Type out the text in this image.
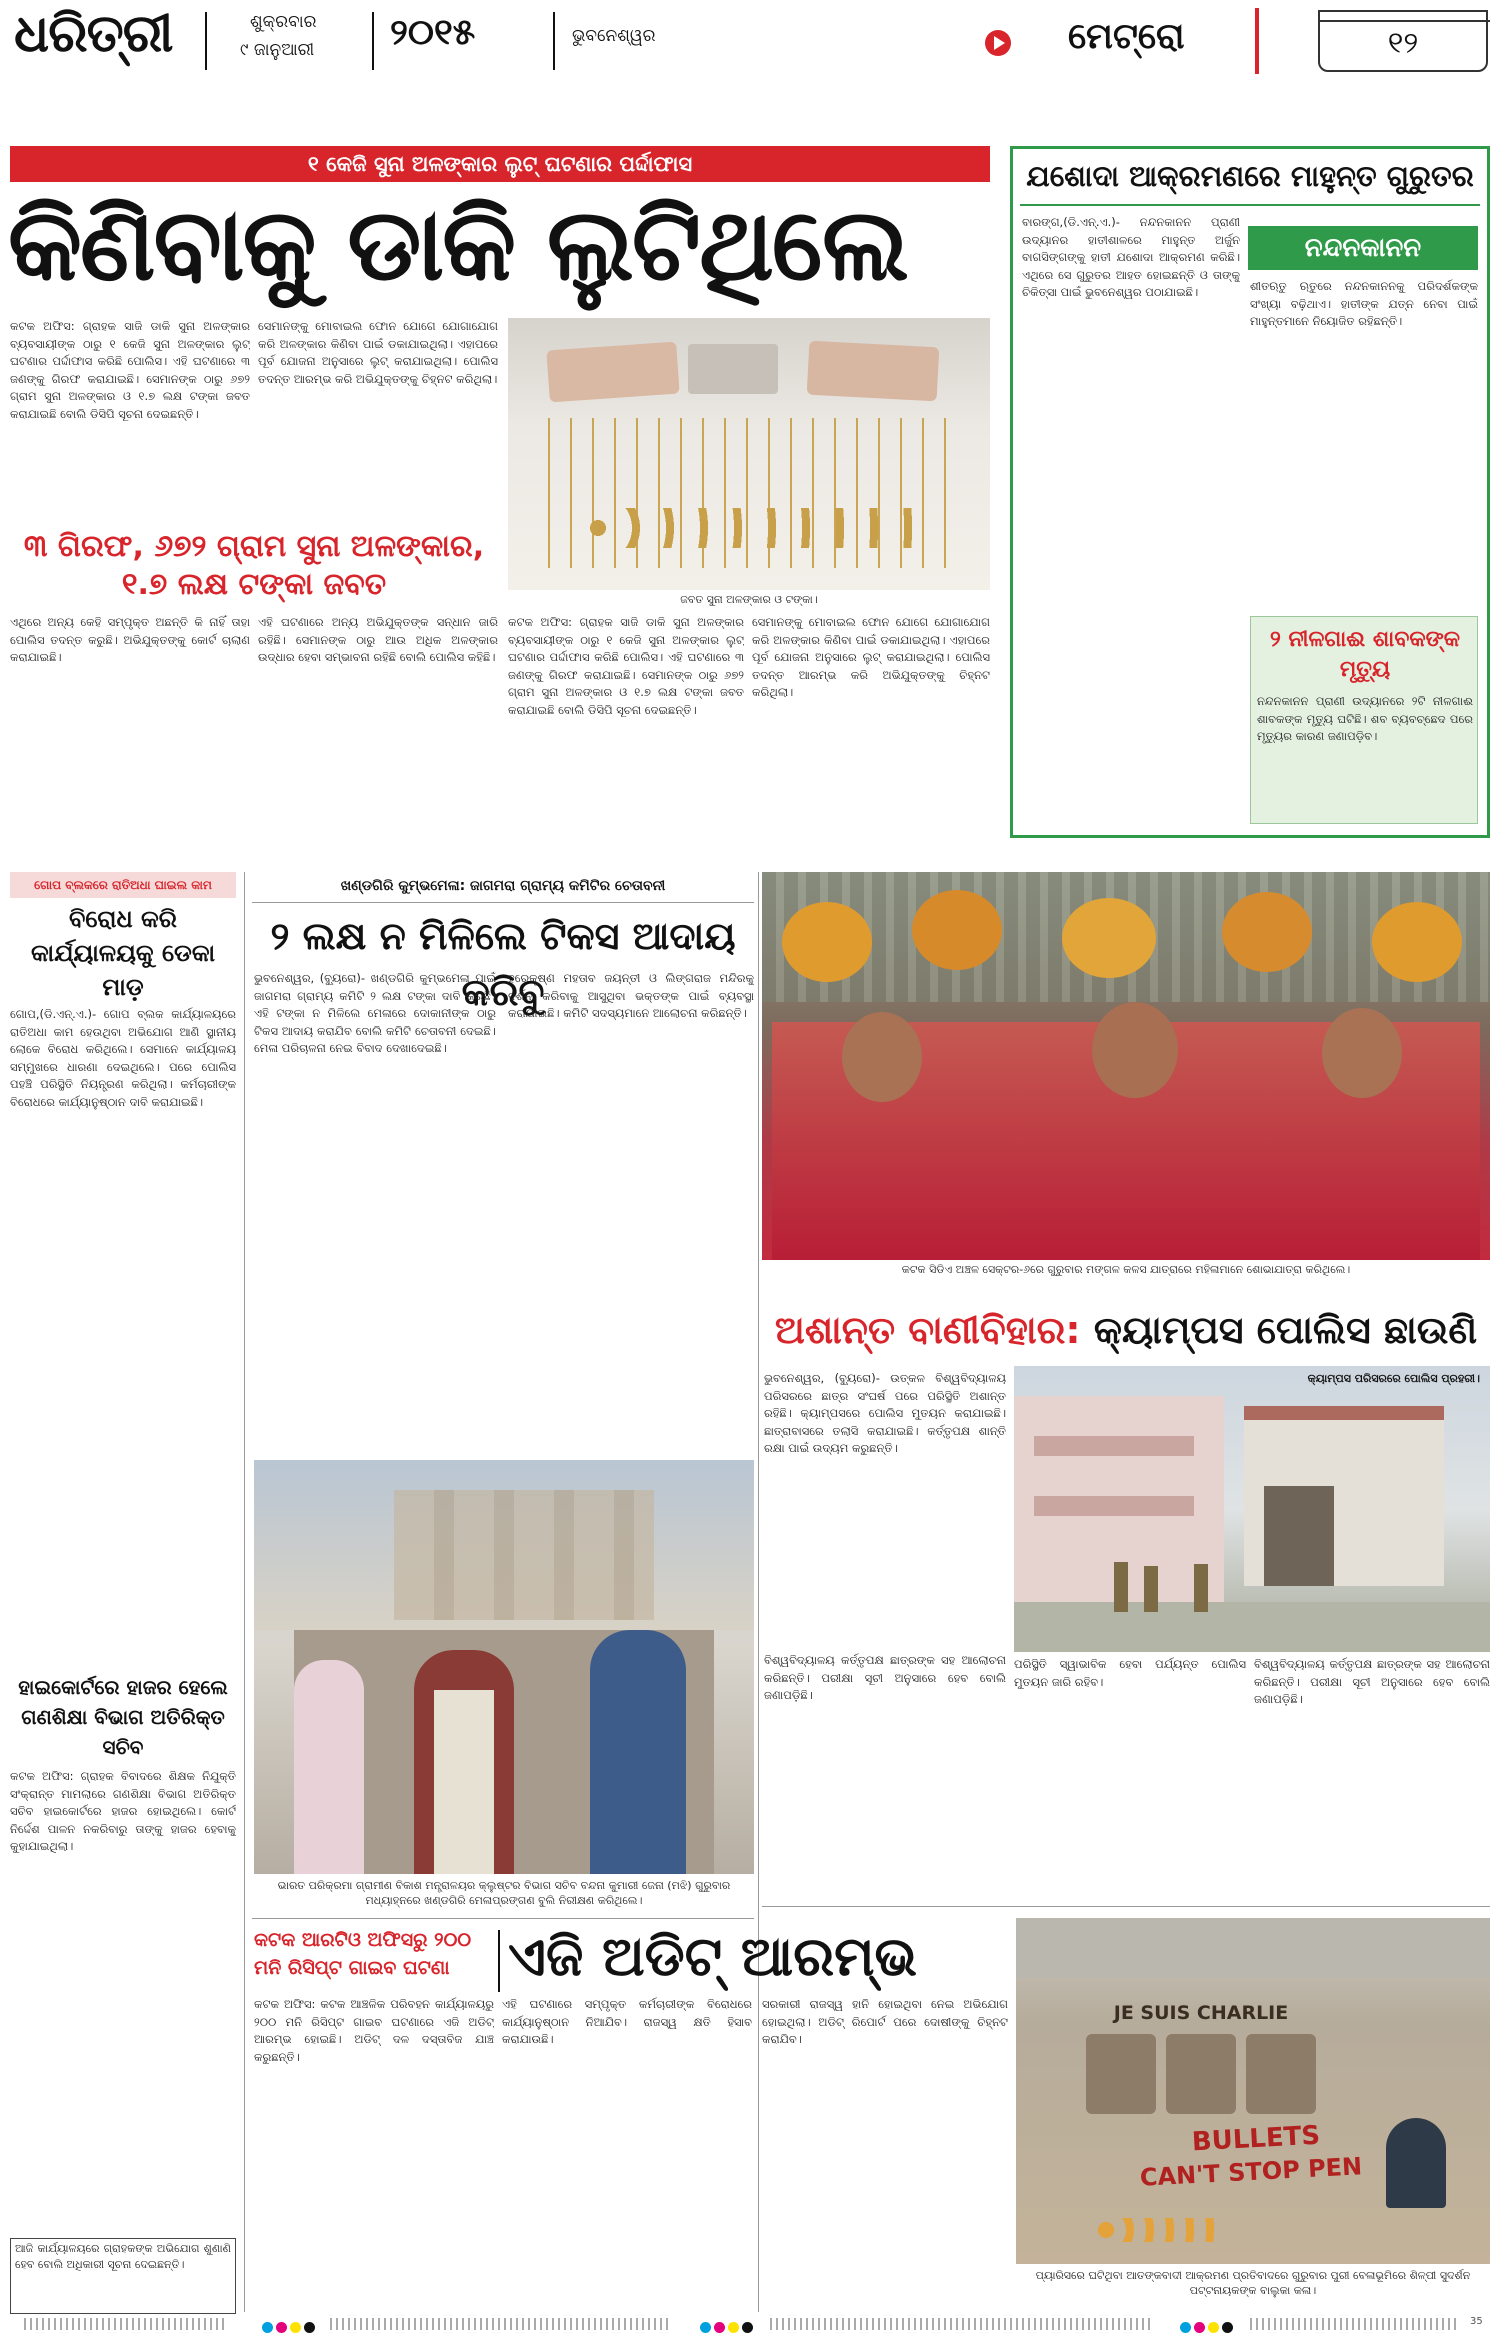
ଧରିତ୍ରୀ	ଶୁକ୍ରବାର
୯ ଜାନୁଆରୀ ୨୦୧୫	ଭୁବନେଶ୍ୱର	ମେଟ୍ରୋ	୧୨
୧ କେଜି ସୁନା ଅଳଙ୍କାର ଲୁଟ୍ ଘଟଣାର ପର୍ଦ୍ଦାଫାସ
କିଣିବାକୁ ଡାକି ଲୁଟିଥିଲେ
କଟକ ଅଫିସ: ଗ୍ରାହକ ସାଜି ଡାକି ସୁନା ଅଳଙ୍କାର ବ୍ୟବସାୟୀଙ୍କ ଠାରୁ ୧ କେଜି ସୁନା ଅଳଙ୍କାର ଲୁଟ୍ ଘଟଣାର ପର୍ଦ୍ଦାଫାସ କରିଛି ପୋଲିସ। ଏହି ଘଟଣାରେ ୩ ଜଣଙ୍କୁ ଗିରଫ କରାଯାଇଛି। ସେମାନଙ୍କ ଠାରୁ ୬୭୨ ଗ୍ରାମ ସୁନା ଅଳଙ୍କାର ଓ ୧.୭ ଲକ୍ଷ ଟଙ୍କା ଜବତ କରାଯାଇଛି ବୋଲି ଡିସିପି ସୂଚନା ଦେଇଛନ୍ତି।
ସେମାନଙ୍କୁ ମୋବାଇଲ ଫୋନ ଯୋଗେ ଯୋଗାଯୋଗ କରି ଅଳଙ୍କାର କିଣିବା ପାଇଁ ଡକାଯାଇଥିଲା। ଏହାପରେ ପୂର୍ବ ଯୋଜନା ଅନୁସାରେ ଲୁଟ୍ କରାଯାଇଥିଲା। ପୋଲିସ ତଦନ୍ତ ଆରମ୍ଭ କରି ଅଭିଯୁକ୍ତଙ୍କୁ ଚିହ୍ନଟ କରିଥିଲା।
ଜବତ ସୁନା ଅଳଙ୍କାର ଓ ଟଙ୍କା।
୩ ଗିରଫ, ୬୭୨ ଗ୍ରାମ ସୁନା ଅଳଙ୍କାର, ୧.୭ ଲକ୍ଷ ଟଙ୍କା ଜବତ
ଏଥିରେ ଅନ୍ୟ କେହି ସମ୍ପୃକ୍ତ ଅଛନ୍ତି କି ନାହିଁ ତାହା ପୋଲିସ ତଦନ୍ତ କରୁଛି। ଅଭିଯୁକ୍ତଙ୍କୁ କୋର୍ଟ ଚାଲାଣ କରାଯାଇଛି।
ଏହି ଘଟଣାରେ ଅନ୍ୟ ଅଭିଯୁକ୍ତଙ୍କ ସନ୍ଧାନ ଜାରି ରହିଛି। ସେମାନଙ୍କ ଠାରୁ ଆଉ ଅଧିକ ଅଳଙ୍କାର ଉଦ୍ଧାର ହେବା ସମ୍ଭାବନା ରହିଛି ବୋଲି ପୋଲିସ କହିଛି।
କଟକ ଅଫିସ: ଗ୍ରାହକ ସାଜି ଡାକି ସୁନା ଅଳଙ୍କାର ବ୍ୟବସାୟୀଙ୍କ ଠାରୁ ୧ କେଜି ସୁନା ଅଳଙ୍କାର ଲୁଟ୍ ଘଟଣାର ପର୍ଦ୍ଦାଫାସ କରିଛି ପୋଲିସ। ଏହି ଘଟଣାରେ ୩ ଜଣଙ୍କୁ ଗିରଫ କରାଯାଇଛି। ସେମାନଙ୍କ ଠାରୁ ୬୭୨ ଗ୍ରାମ ସୁନା ଅଳଙ୍କାର ଓ ୧.୭ ଲକ୍ଷ ଟଙ୍କା ଜବତ କରାଯାଇଛି ବୋଲି ଡିସିପି ସୂଚନା ଦେଇଛନ୍ତି।
ସେମାନଙ୍କୁ ମୋବାଇଲ ଫୋନ ଯୋଗେ ଯୋଗାଯୋଗ କରି ଅଳଙ୍କାର କିଣିବା ପାଇଁ ଡକାଯାଇଥିଲା। ଏହାପରେ ପୂର୍ବ ଯୋଜନା ଅନୁସାରେ ଲୁଟ୍ କରାଯାଇଥିଲା। ପୋଲିସ ତଦନ୍ତ ଆରମ୍ଭ କରି ଅଭିଯୁକ୍ତଙ୍କୁ ଚିହ୍ନଟ କରିଥିଲା।
ଯଶୋଦା ଆକ୍ରମଣରେ ମାହୁନ୍ତ ଗୁରୁତର
ବାରଙ୍ଗ,(ଡି.ଏନ୍.ଏ.)- ନନ୍ଦନକାନନ ପ୍ରାଣୀ ଉଦ୍ୟାନର ହାତୀଶାଳରେ ମାହୁନ୍ତ ଅର୍ଜୁନ ବାଗସିଙ୍ଗଙ୍କୁ ହାତୀ ଯଶୋଦା ଆକ୍ରମଣ କରିଛି। ଏଥିରେ ସେ ଗୁରୁତର ଆହତ ହୋଇଛନ୍ତି ଓ ତାଙ୍କୁ ଚିକିତ୍ସା ପାଇଁ ଭୁବନେଶ୍ୱର ପଠାଯାଇଛି।
ନନ୍ଦନକାନନ
ଶୀତଋତୁ ଋତୁରେ ନନ୍ଦନକାନନକୁ ପରିଦର୍ଶକଙ୍କ ସଂଖ୍ୟା ବଢ଼ିଥାଏ। ହାତୀଙ୍କ ଯତ୍ନ ନେବା ପାଇଁ ମାହୁନ୍ତମାନେ ନିୟୋଜିତ ରହିଛନ୍ତି।
୨ ନୀଳଗାଈ ଶାବକଙ୍କ ମୃତ୍ୟୁ
ନନ୍ଦନକାନନ ପ୍ରାଣୀ ଉଦ୍ୟାନରେ ୨ଟି ନୀଳଗାଈ ଶାବକଙ୍କ ମୃତ୍ୟୁ ଘଟିଛି। ଶବ ବ୍ୟବଚ୍ଛେଦ ପରେ ମୃତ୍ୟୁର କାରଣ ଜଣାପଡ଼ିବ।
ଗୋପ ବ୍ଲକରେ ରାତିଅଧା ଘାଇଲ କାମ
ବିରୋଧ କରି କାର୍ଯ୍ୟାଳୟକୁ ଡେକା ମାଡ଼
ଗୋପ,(ଡି.ଏନ୍.ଏ.)- ଗୋପ ବ୍ଲକ କାର୍ଯ୍ୟାଳୟରେ ରାତିଅଧା କାମ ହେଉଥିବା ଅଭିଯୋଗ ଆଣି ସ୍ଥାନୀୟ ଲୋକେ ବିରୋଧ କରିଥିଲେ। ସେମାନେ କାର୍ଯ୍ୟାଳୟ ସମ୍ମୁଖରେ ଧାରଣା ଦେଇଥିଲେ। ପରେ ପୋଲିସ ପହଞ୍ଚି ପରିସ୍ଥିତି ନିୟନ୍ତ୍ରଣ କରିଥିଲା। କର୍ମଚାରୀଙ୍କ ବିରୋଧରେ କାର୍ଯ୍ୟାନୁଷ୍ଠାନ ଦାବି କରାଯାଇଛି।
ହାଇକୋର୍ଟରେ ହାଜର ହେଲେ ଗଣଶିକ୍ଷା ବିଭାଗ ଅତିରିକ୍ତ ସଚିବ
କଟକ ଅଫିସ: ଗ୍ରାହକ ବିବାଦରେ ଶିକ୍ଷକ ନିଯୁକ୍ତି ସଂକ୍ରାନ୍ତ ମାମଲାରେ ଗଣଶିକ୍ଷା ବିଭାଗ ଅତିରିକ୍ତ ସଚିବ ହାଇକୋର୍ଟରେ ହାଜର ହୋଇଥିଲେ। କୋର୍ଟ ନିର୍ଦ୍ଦେଶ ପାଳନ ନକରିବାରୁ ତାଙ୍କୁ ହାଜର ହେବାକୁ କୁହାଯାଇଥିଲା।
ଆଜି କାର୍ଯ୍ୟାଳୟରେ ଗ୍ରାହକଙ୍କ ଅଭିଯୋଗ ଶୁଣାଣି ହେବ ବୋଲି ଅଧିକାରୀ ସୂଚନା ଦେଇଛନ୍ତି।
ଖଣ୍ଡଗିରି କୁମ୍ଭମେଳା: ଜାଗମରା ଗ୍ରାମ୍ୟ କମିଟିର ଚେତାବନୀ
୨ ଲକ୍ଷ ନ ମିଳିଲେ ଟିକସ ଆଦାୟ କରିବୁ
ଭୁବନେଶ୍ୱର, (ବ୍ୟୁରୋ)- ଖଣ୍ଡଗିରି କୁମ୍ଭମେଳା ପାଇଁ ଜାଗମରା ଗ୍ରାମ୍ୟ କମିଟି ୨ ଲକ୍ଷ ଟଙ୍କା ଦାବି କରିଛି। ଏହି ଟଙ୍କା ନ ମିଳିଲେ ମେଳାରେ ଦୋକାନୀଙ୍କ ଠାରୁ ଟିକସ ଆଦାୟ କରାଯିବ ବୋଲି କମିଟି ଚେତାବନୀ ଦେଇଛି। ମେଳା ପରିଚାଳନା ନେଇ ବିବାଦ ଦେଖାଦେଇଛି।
ହରେକୃଷ୍ଣ ମହତାବ ଜୟନ୍ତୀ ଓ ଲିଙ୍ଗରାଜ ମନ୍ଦିରକୁ ଦର୍ଶନ କରିବାକୁ ଆସୁଥିବା ଭକ୍ତଙ୍କ ପାଇଁ ବ୍ୟବସ୍ଥା କରାଯାଇଛି। କମିଟି ସଦସ୍ୟମାନେ ଆଲୋଚନା କରିଛନ୍ତି।
ଭାରତ ପରିକ୍ରମା ଗ୍ରାମୀଣ ବିକାଶ ମନ୍ତ୍ରାଳୟର କ୍ଲୁଷ୍ଟର ବିଭାଗ ସଚିବ ବନ୍ଦନା କୁମାରୀ ଜେନା (ମଝି) ଗୁରୁବାର ମଧ୍ୟାହ୍ନରେ ଖଣ୍ଡଗିରି ମେଳାପ୍ରଙ୍ଗଣ ବୁଲି ନିରୀକ୍ଷଣ କରିଥିଲେ।
କଟକ ସିଡିଏ ଅଞ୍ଚଳ ସେକ୍ଟର-୬ରେ ଗୁରୁବାର ମଙ୍ଗଳ କଳସ ଯାତ୍ରାରେ ମହିଳାମାନେ ଶୋଭାଯାତ୍ରା କରିଥିଲେ।
ଅଶାନ୍ତ ବାଣୀବିହାର: କ୍ୟାମ୍ପସ ପୋଲିସ ଛାଉଣି
ଭୁବନେଶ୍ୱର, (ବ୍ୟୁରୋ)- ଉତ୍କଳ ବିଶ୍ୱବିଦ୍ୟାଳୟ ପରିସରରେ ଛାତ୍ର ସଂଘର୍ଷ ପରେ ପରିସ୍ଥିତି ଅଶାନ୍ତ ରହିଛି। କ୍ୟାମ୍ପସରେ ପୋଲିସ ମୁତୟନ କରାଯାଇଛି। ଛାତ୍ରାବାସରେ ତଲାସି କରାଯାଇଛି। କର୍ତ୍ତୃପକ୍ଷ ଶାନ୍ତି ରକ୍ଷା ପାଇଁ ଉଦ୍ୟମ କରୁଛନ୍ତି।
କ୍ୟାମ୍ପସ ପରିସରରେ ପୋଲିସ ପ୍ରହରୀ।
ବିଶ୍ୱବିଦ୍ୟାଳୟ କର୍ତ୍ତୃପକ୍ଷ ଛାତ୍ରଙ୍କ ସହ ଆଲୋଚନା କରିଛନ୍ତି। ପରୀକ୍ଷା ସୂଚୀ ଅନୁସାରେ ହେବ ବୋଲି ଜଣାପଡ଼ିଛି।
ପରିସ୍ଥିତି ସ୍ୱାଭାବିକ ହେବା ପର୍ଯ୍ୟନ୍ତ ପୋଲିସ ମୁତୟନ ଜାରି ରହିବ।
ବିଶ୍ୱବିଦ୍ୟାଳୟ କର୍ତ୍ତୃପକ୍ଷ ଛାତ୍ରଙ୍କ ସହ ଆଲୋଚନା କରିଛନ୍ତି। ପରୀକ୍ଷା ସୂଚୀ ଅନୁସାରେ ହେବ ବୋଲି ଜଣାପଡ଼ିଛି।
କଟକ ଆରଟିଓ ଅଫିସରୁ ୨୦୦ ମନି ରିସିପ୍ଟ ଗାଇବ ଘଟଣା	ଏଜି ଅଡିଟ୍ ଆରମ୍ଭ
କଟକ ଅଫିସ: କଟକ ଆଞ୍ଚଳିକ ପରିବହନ କାର୍ଯ୍ୟାଳୟରୁ ୨୦୦ ମନି ରିସିପ୍ଟ ଗାଇବ ଘଟଣାରେ ଏଜି ଅଡିଟ୍ ଆରମ୍ଭ ହୋଇଛି। ଅଡିଟ୍ ଦଳ ଦସ୍ତାବିଜ ଯାଞ୍ଚ କରୁଛନ୍ତି।
ଏହି ଘଟଣାରେ ସମ୍ପୃକ୍ତ କର୍ମଚାରୀଙ୍କ ବିରୋଧରେ କାର୍ଯ୍ୟାନୁଷ୍ଠାନ ନିଆଯିବ। ରାଜସ୍ୱ କ୍ଷତି ହିସାବ କରାଯାଉଛି।
ସରକାରୀ ରାଜସ୍ୱ ହାନି ହୋଇଥିବା ନେଇ ଅଭିଯୋଗ ହୋଇଥିଲା। ଅଡିଟ୍ ରିପୋର୍ଟ ପରେ ଦୋଷୀଙ୍କୁ ଚିହ୍ନଟ କରାଯିବ।
JE SUIS CHARLIE
BULLETS
CAN'T STOP PEN
ପ୍ୟାରିସରେ ଘଟିଥିବା ଆତଙ୍କବାଦୀ ଆକ୍ରମଣ ପ୍ରତିବାଦରେ ଗୁରୁବାର ପୁରୀ ବେଳାଭୂମିରେ ଶିଳ୍ପୀ ସୁଦର୍ଶନ ପଟ୍ଟନାୟକଙ୍କ ବାଲୁକା କଳା।
35
